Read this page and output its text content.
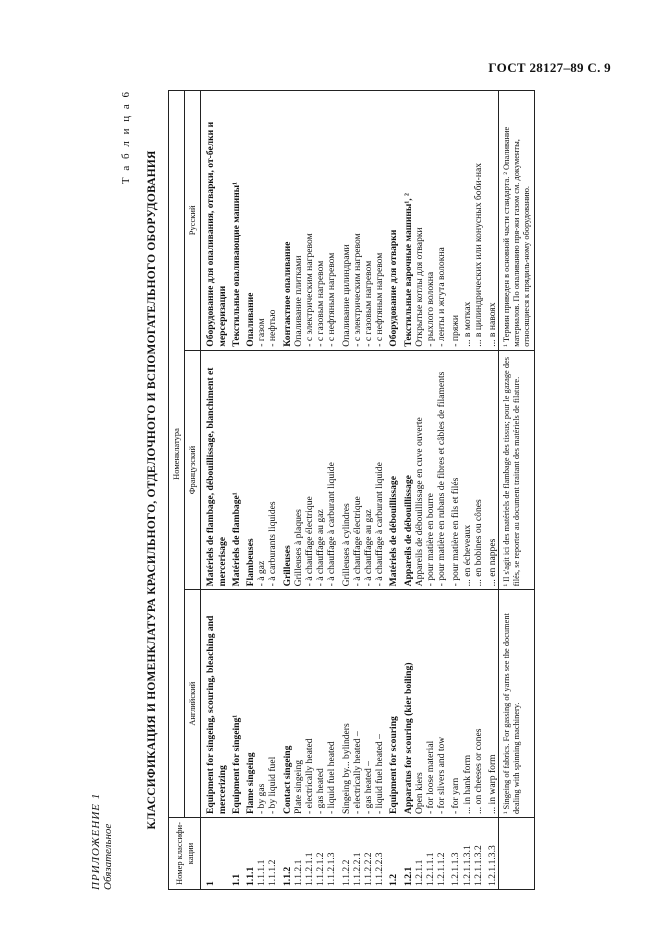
ГОСТ 28127–89 С. 9
ПРИЛОЖЕНИЕ 1 Обязательное
Т а б л и ц а 6
КЛАССИФИКАЦИЯ И НОМЕНКЛАТУРА КРАСИЛЬНОГО, ОТДЕЛОЧНОГО И ВСПОМОГАТЕЛЬНОГО ОБОРУДОВАНИЯ
Номер классифи-кации	Номенклатура		
	Английский	Французский	Русский
1	Equipment for singeing, scouring, bleaching and mercerizing	Matériels de flambage, débouillissage, blanchiment et mercerisage	Оборудование для опаливания, отварки, от-белки и мерсеризации
1.1	Equipment for singeing¹	Matériels de flambage¹	Текстильные опаливающие машины¹
1.1.1	Flame singeing	Flambeuses	Опаливание
1.1.1.1	- by gas	- à gaz	- газом
1.1.1.2	- by liquid fuel	- à carburants liquides	- нефтью
1.1.2	Contact singeing	Grilleuses	Контактное опаливание
1.1.2.1	Plate singeing	Grilleuses à plaques	Опаливание плитками
1.1.2.1.1	- electrically heated	- à chauffage électrique	- с электрическим нагревом
1.1.2.1.2	- gas heated	- à chauffage au gaz	- с газовым нагревом
1.1.2.1.3	- liquid fuel heated	- à chauffage à carburant liquide	- с нефтяным нагревом
1.1.2.2	Singeing by... bylinders	Grilleuses à cylindres	Опаливание цилиндрами
1.1.2.2.1	- electrically heated –	- à chauffage électrique	- с электрическим нагревом
1.1.2.2.2	- gas heated –	- à chauffage au gaz	- с газовым нагревом
1.1.2.2.3	- liquid fuel heated –	- à chauffage à carburant liquide	- с нефтяным нагревом
1.2	Equipment for scouring	Matériels de débouillissage	Оборудование для отварки
1.2.1	Apparatus for scouring (kier boiling)	Appareils de débouillissage	Текстильные варочные машины¹, ²
1.2.1.1	Open kiers	Appareils de débouillissage en cuve ouverte	Открытые котлы для отварки
1.2.1.1.1	- for loose material	- pour matière en bourre	- рыхлого волокна
1.2.1.1.2	- for slivers and tow	- pour matière en rubans de fibres et câbles de filaments	- ленты и жгута волокна
1.2.1.1.3	- for yarn	- pour matière en fils et filés	- пряжи
1.2.1.1.3.1	... in hank form	... en écheveaux	... в мотках
1.2.1.1.3.2	... on cheeses or cones	... en bobines ou cônes	... в цилиндрических или конусных боби-нах
1.2.1.1.3.3	... in warp form	... en nappes	... в навоях
	¹ Singeing of fabrics. For gassing of yarns see the document dealing with spinning machinery.	¹ Il s'agit ici des matériels de flambage des tissus; pour le gazage des filés, se reporter au document traitant des matériels de filature.	¹ Термин приведен в основной части стандарта. ² Опаливание материалов. По опаливанию пря-жи газом см. документы, относящиеся к прядиль-ному оборудованию.
